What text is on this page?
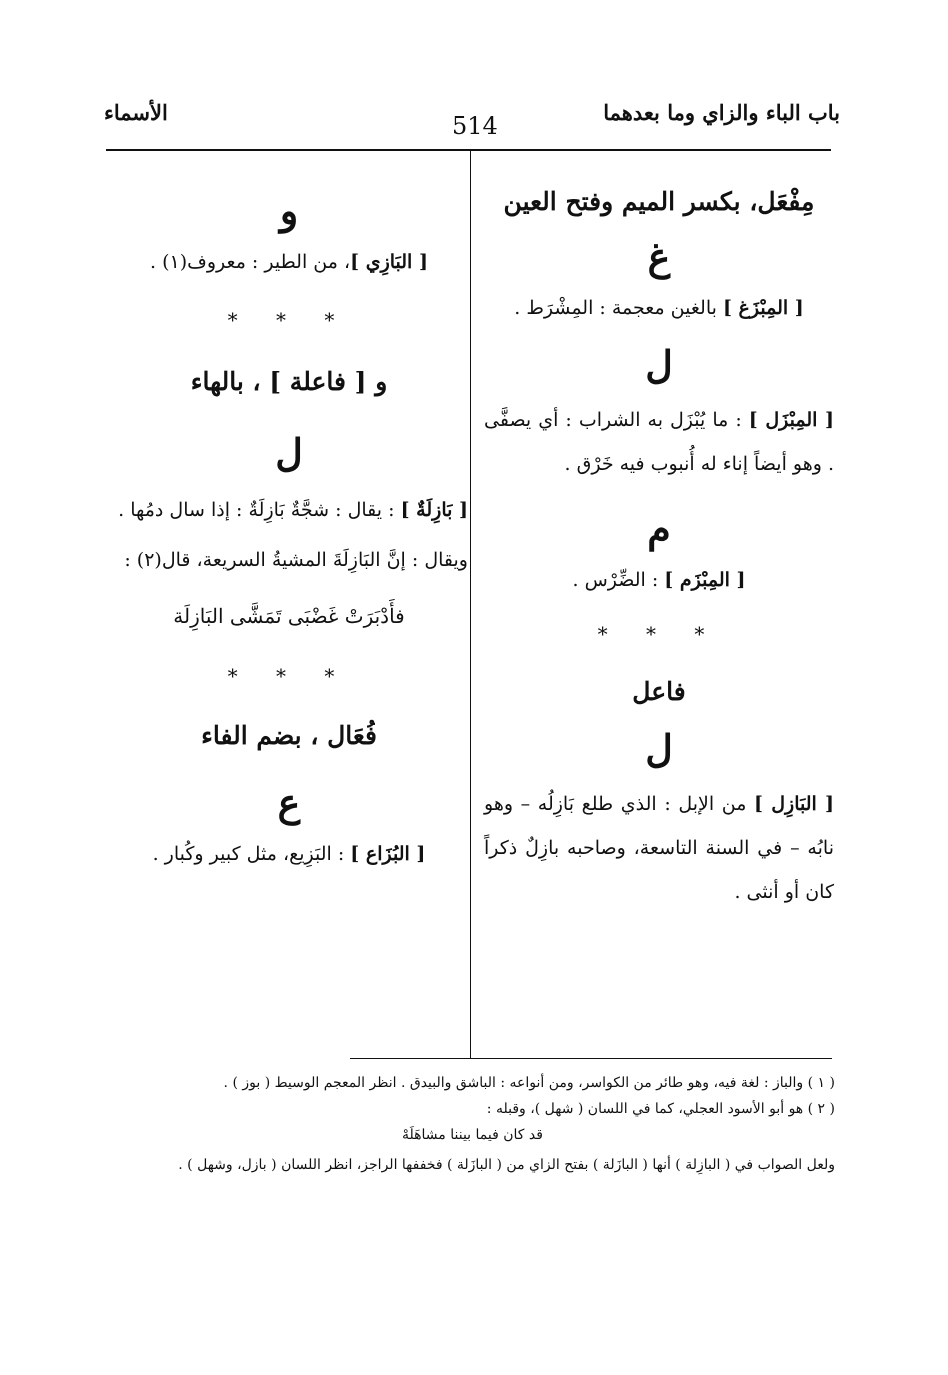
باب الباء والزاي وما بعدهما
514
الأسماء
مِفْعَل، بكسر الميم وفتح العين
غ
[ المِبْزَغ ] بالغين معجمة : المِشْرَط .
ل
[ المِبْزَل ] : ما يُبْزَل به الشراب : أي يصفَّى . وهو أيضاً إناء له أُنبوب فيه خَرْق .
م
[ المِبْزَم ] : الضِّرْس .
* * *
فاعل
ل
[ البَازِل ] من الإبل : الذي طلع بَازِلُه – وهو نابُه – في السنة التاسعة، وصاحبه بازِلٌ ذكراً كان أو أنثى .
و
[ البَازِي ]، من الطير : معروف(١) .
* * *
و [ فاعلة ] ، بالهاء
ل
[ بَازِلَةٌ ] : يقال : شجَّةٌ بَازِلَةٌ : إذا سال دمُها .
ويقال : إنَّ البَازِلَةَ المشيةُ السريعة، قال(٢) :
فأَدْبَرَتْ غَضْبَى تَمَشَّى البَازِلَة
* * *
فُعَال ، بضم الفاء
ع
[ البُزَاع ] : البَزِيع، مثل كبير وكُبار .
( ١ ) والباز : لغة فيه، وهو طائر من الكواسر، ومن أنواعه : الباشق والبيدق . انظر المعجم الوسيط ( بوز ) .
( ٢ ) هو أبو الأسود العجلي، كما في اللسان ( شهل )، وقبله :
قد كان فيما بيننا مشاهَلَهْ
ولعل الصواب في ( البازِلة ) أنها ( البازَلة ) بفتح الزاي من ( البازَلة ) فخففها الراجز، انظر اللسان ( بازل، وشهل ) .
